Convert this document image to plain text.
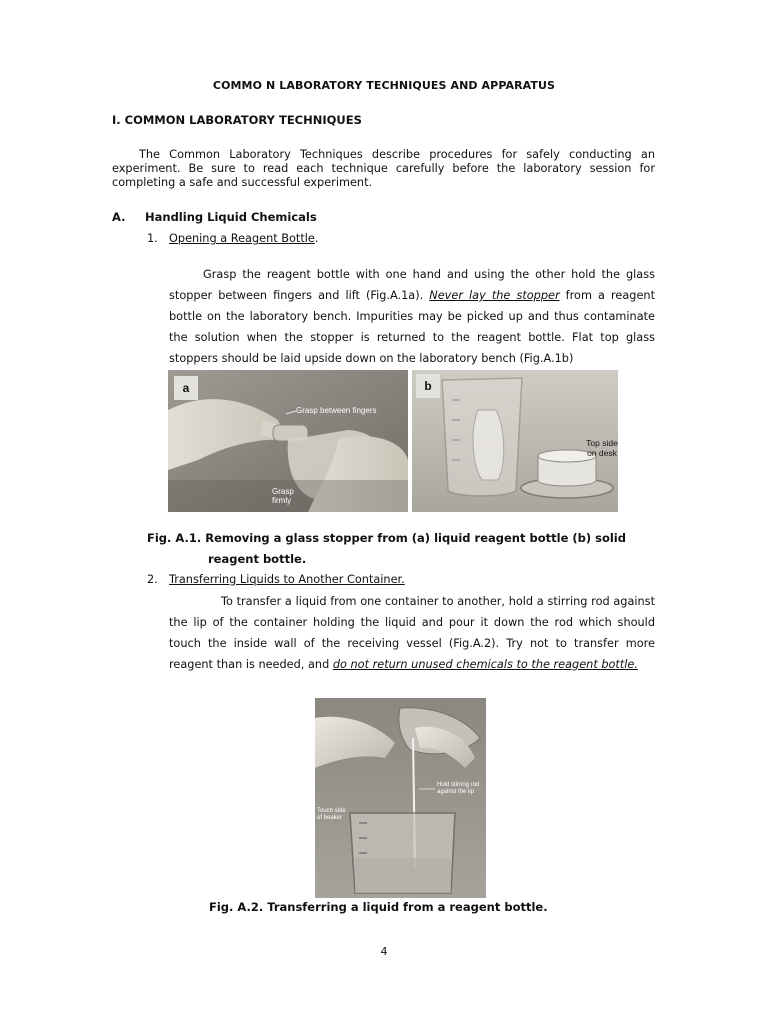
COMMO N LABORATORY TECHNIQUES AND APPARATUS
I. COMMON LABORATORY TECHNIQUES

The Common Laboratory Techniques describe procedures for safely conducting an experiment. Be sure to read each technique carefully before the laboratory session for completing a safe and successful experiment.

A. Handling Liquid Chemicals
1. Opening a Reagent Bottle.

Grasp the reagent bottle with one hand and using the other hold the glass stopper between fingers and lift (Fig.A.1a). Never lay the stopper from a reagent bottle on the laboratory bench. Impurities may be picked up and thus contaminate the solution when the stopper is returned to the reagent bottle. Flat top glass stoppers should be laid upside down on the laboratory bench (Fig.A.1b)

a
Grasp between fingers
Grasp
firmly
b
Top side
on desk
Fig. A.1. Removing a glass stopper from (a) liquid reagent bottle (b) solid
reagent bottle.
2. Transferring Liquids to Another Container.

To transfer a liquid from one container to another, hold a stirring rod against the lip of the container holding the liquid and pour it down the rod which should touch the inside wall of the receiving vessel (Fig.A.2). Try not to transfer more reagent than is needed, and do not return unused chemicals to the reagent bottle.

Hold stirring rod
against the lip
Touch side
of beaker
Fig. A.2. Transferring a liquid from a reagent bottle.
4
